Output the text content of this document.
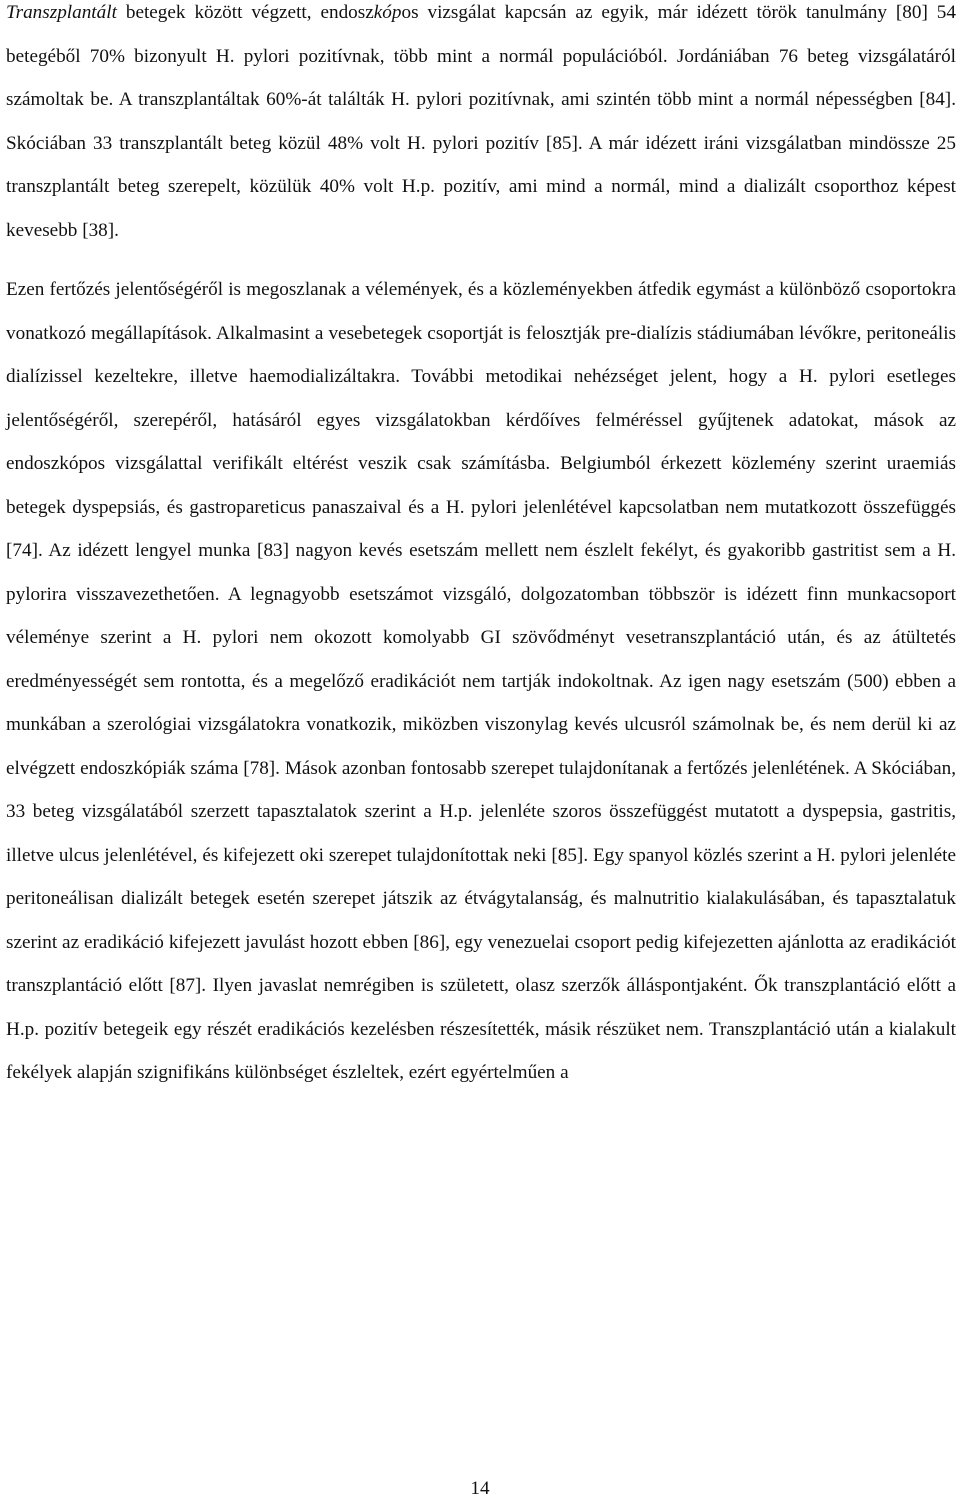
Transzplantált betegek között végzett, endoszkópos vizsgálat kapcsán az egyik, már idézett török tanulmány [80] 54 betegéből 70% bizonyult H. pylori pozitívnak, több mint a normál populációból. Jordániában 76 beteg vizsgálatáról számoltak be. A transzplantáltak 60%-át találták H. pylori pozitívnak, ami szintén több mint a normál népességben [84]. Skóciában 33 transzplantált beteg közül 48% volt H. pylori pozitív [85]. A már idézett iráni vizsgálatban mindössze 25 transzplantált beteg szerepelt, közülük 40% volt H.p. pozitív, ami mind a normál, mind a dializált csoporthoz képest kevesebb [38].

Ezen fertőzés jelentőségéről is megoszlanak a vélemények, és a közleményekben átfedik egymást a különböző csoportokra vonatkozó megállapítások. Alkalmasint a vesebetegek csoportját is felosztják pre-dialízis stádiumában lévőkre, peritoneális dialízissel kezeltekre, illetve haemodializáltakra. További metodikai nehézséget jelent, hogy a H. pylori esetleges jelentőségéről, szerepéről, hatásáról egyes vizsgálatokban kérdőíves felméréssel gyűjtenek adatokat, mások az endoszkópos vizsgálattal verifikált eltérést veszik csak számításba. Belgiumból érkezett közlemény szerint uraemiás betegek dyspepsiás, és gastropareticus panaszaival és a H. pylori jelenlétével kapcsolatban nem mutatkozott összefüggés [74]. Az idézett lengyel munka [83] nagyon kevés esetszám mellett nem észlelt fekélyt, és gyakoribb gastritist sem a H. pylorira visszavezethetően. A legnagyobb esetszámot vizsgáló, dolgozatomban többször is idézett finn munkacsoport véleménye szerint a H. pylori nem okozott komolyabb GI szövődményt vesetranszplantáció után, és az átültetés eredményességét sem rontotta, és a megelőző eradikációt nem tartják indokoltnak. Az igen nagy esetszám (500) ebben a munkában a szerológiai vizsgálatokra vonatkozik, miközben viszonylag kevés ulcusról számolnak be, és nem derül ki az elvégzett endoszkópiák száma [78]. Mások azonban fontosabb szerepet tulajdonítanak a fertőzés jelenlétének. A Skóciában, 33 beteg vizsgálatából szerzett tapasztalatok szerint a H.p. jelenléte szoros összefüggést mutatott a dyspepsia, gastritis, illetve ulcus jelenlétével, és kifejezett oki szerepet tulajdonítottak neki [85]. Egy spanyol közlés szerint a H. pylori jelenléte peritoneálisan dializált betegek esetén szerepet játszik az étvágytalanság, és malnutritio kialakulásában, és tapasztalatuk szerint az eradikáció kifejezett javulást hozott ebben [86], egy venezuelai csoport pedig kifejezetten ajánlotta az eradikációt transzplantáció előtt [87]. Ilyen javaslat nemrégiben is született, olasz szerzők álláspontjaként. Ők transzplantáció előtt a H.p. pozitív betegeik egy részét eradikációs kezelésben részesítették, másik részüket nem. Transzplantáció után a kialakult fekélyek alapján szignifikáns különbséget észleltek, ezért egyértelműen a

14
